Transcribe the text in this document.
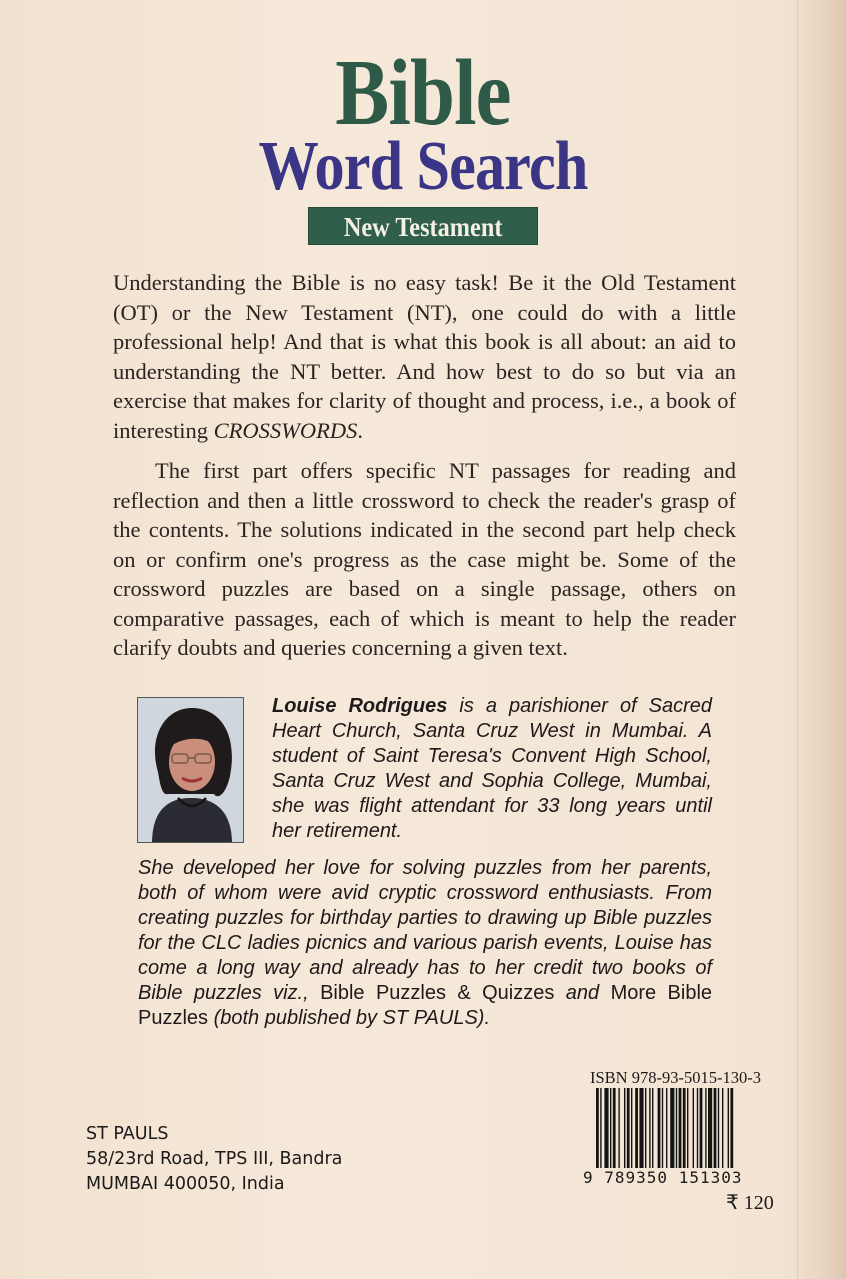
Bible
Word Search
New Testament

Understanding the Bible is no easy task! Be it the Old Testament (OT) or the New Testament (NT), one could do with a little professional help! And that is what this book is all about: an aid to understanding the NT better. And how best to do so but via an exercise that makes for clarity of thought and process, i.e., a book of interesting CROSSWORDS.

The first part offers specific NT passages for reading and reflection and then a little crossword to check the reader's grasp of the contents. The solutions indicated in the second part help check on or confirm one's progress as the case might be. Some of the crossword puzzles are based on a single passage, others on comparative passages, each of which is meant to help the reader clarify doubts and queries concerning a given text.

Louise Rodrigues is a parishioner of Sacred Heart Church, Santa Cruz West in Mumbai. A student of Saint Teresa's Convent High School, Santa Cruz West and Sophia College, Mumbai, she was flight attendant for 33 long years until her retirement.

She developed her love for solving puzzles from her parents, both of whom were avid cryptic crossword enthusiasts. From creating puzzles for birthday parties to drawing up Bible puzzles for the CLC ladies picnics and various parish events, Louise has come a long way and already has to her credit two books of Bible puzzles viz., Bible Puzzles & Quizzes and More Bible Puzzles (both published by ST PAULS).

ST PAULS
58/23rd Road, TPS III, Bandra
MUMBAI 400050, India
ISBN 978-93-5015-130-3
9 789350 151303
₹ 120
